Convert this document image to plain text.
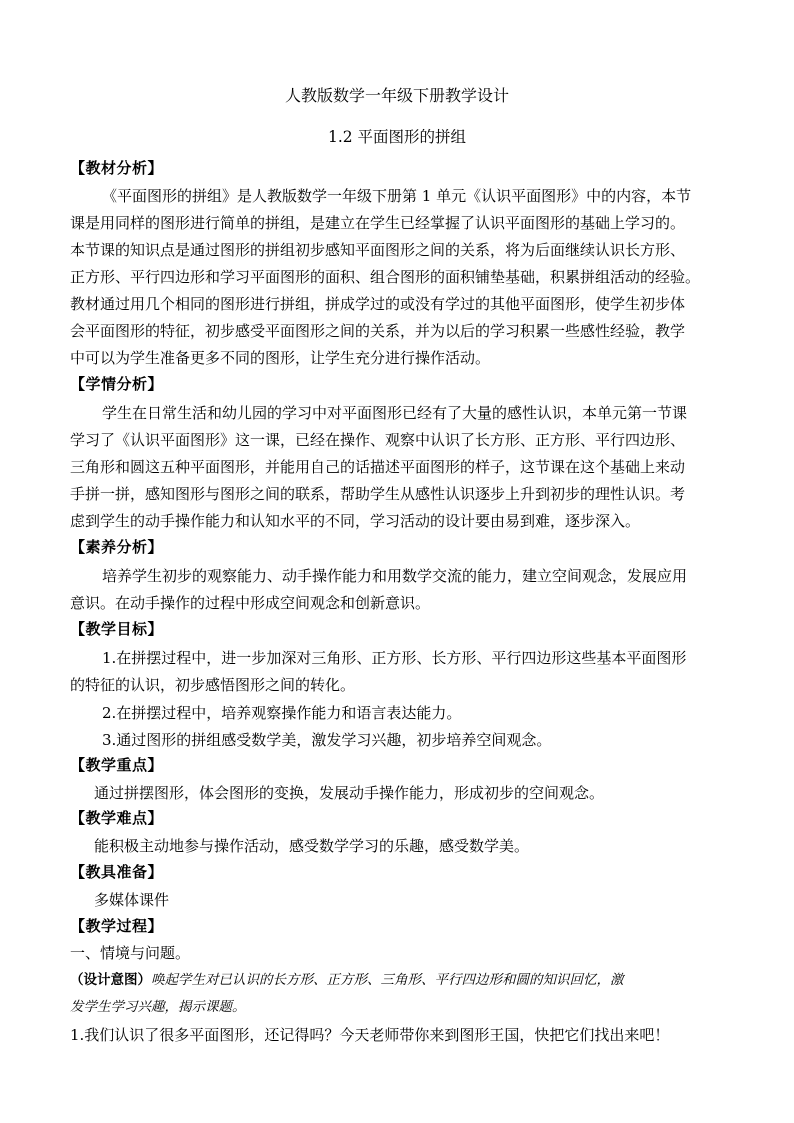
人教版数学一年级下册教学设计
1.2 平面图形的拼组
【教材分析】
《平面图形的拼组》是人教版数学一年级下册第 1 单元《认识平面图形》中的内容，本节
课是用同样的图形进行简单的拼组，是建立在学生已经掌握了认识平面图形的基础上学习的。
本节课的知识点是通过图形的拼组初步感知平面图形之间的关系，将为后面继续认识长方形、
正方形、平行四边形和学习平面图形的面积、组合图形的面积铺垫基础，积累拼组活动的经验。
教材通过用几个相同的图形进行拼组，拼成学过的或没有学过的其他平面图形，使学生初步体
会平面图形的特征，初步感受平面图形之间的关系，并为以后的学习积累一些感性经验，教学
中可以为学生准备更多不同的图形，让学生充分进行操作活动。
【学情分析】
学生在日常生活和幼儿园的学习中对平面图形已经有了大量的感性认识，本单元第一节课
学习了《认识平面图形》这一课，已经在操作、观察中认识了长方形、正方形、平行四边形、
三角形和圆这五种平面图形，并能用自己的话描述平面图形的样子，这节课在这个基础上来动
手拼一拼，感知图形与图形之间的联系，帮助学生从感性认识逐步上升到初步的理性认识。考
虑到学生的动手操作能力和认知水平的不同，学习活动的设计要由易到难，逐步深入。
【素养分析】
培养学生初步的观察能力、动手操作能力和用数学交流的能力，建立空间观念，发展应用
意识。在动手操作的过程中形成空间观念和创新意识。
【教学目标】
1.在拼摆过程中，进一步加深对三角形、正方形、长方形、平行四边形这些基本平面图形
的特征的认识，初步感悟图形之间的转化。
2.在拼摆过程中，培养观察操作能力和语言表达能力。
3.通过图形的拼组感受数学美，激发学习兴趣，初步培养空间观念。
【教学重点】
通过拼摆图形，体会图形的变换，发展动手操作能力，形成初步的空间观念。
【教学难点】
能积极主动地参与操作活动，感受数学学习的乐趣，感受数学美。
【教具准备】
多媒体课件
【教学过程】
一、情境与问题。
（设计意图）唤起学生对已认识的长方形、正方形、三角形、平行四边形和圆的知识回忆，激
发学生学习兴趣，揭示课题。
1.我们认识了很多平面图形，还记得吗？今天老师带你来到图形王国，快把它们找出来吧！
